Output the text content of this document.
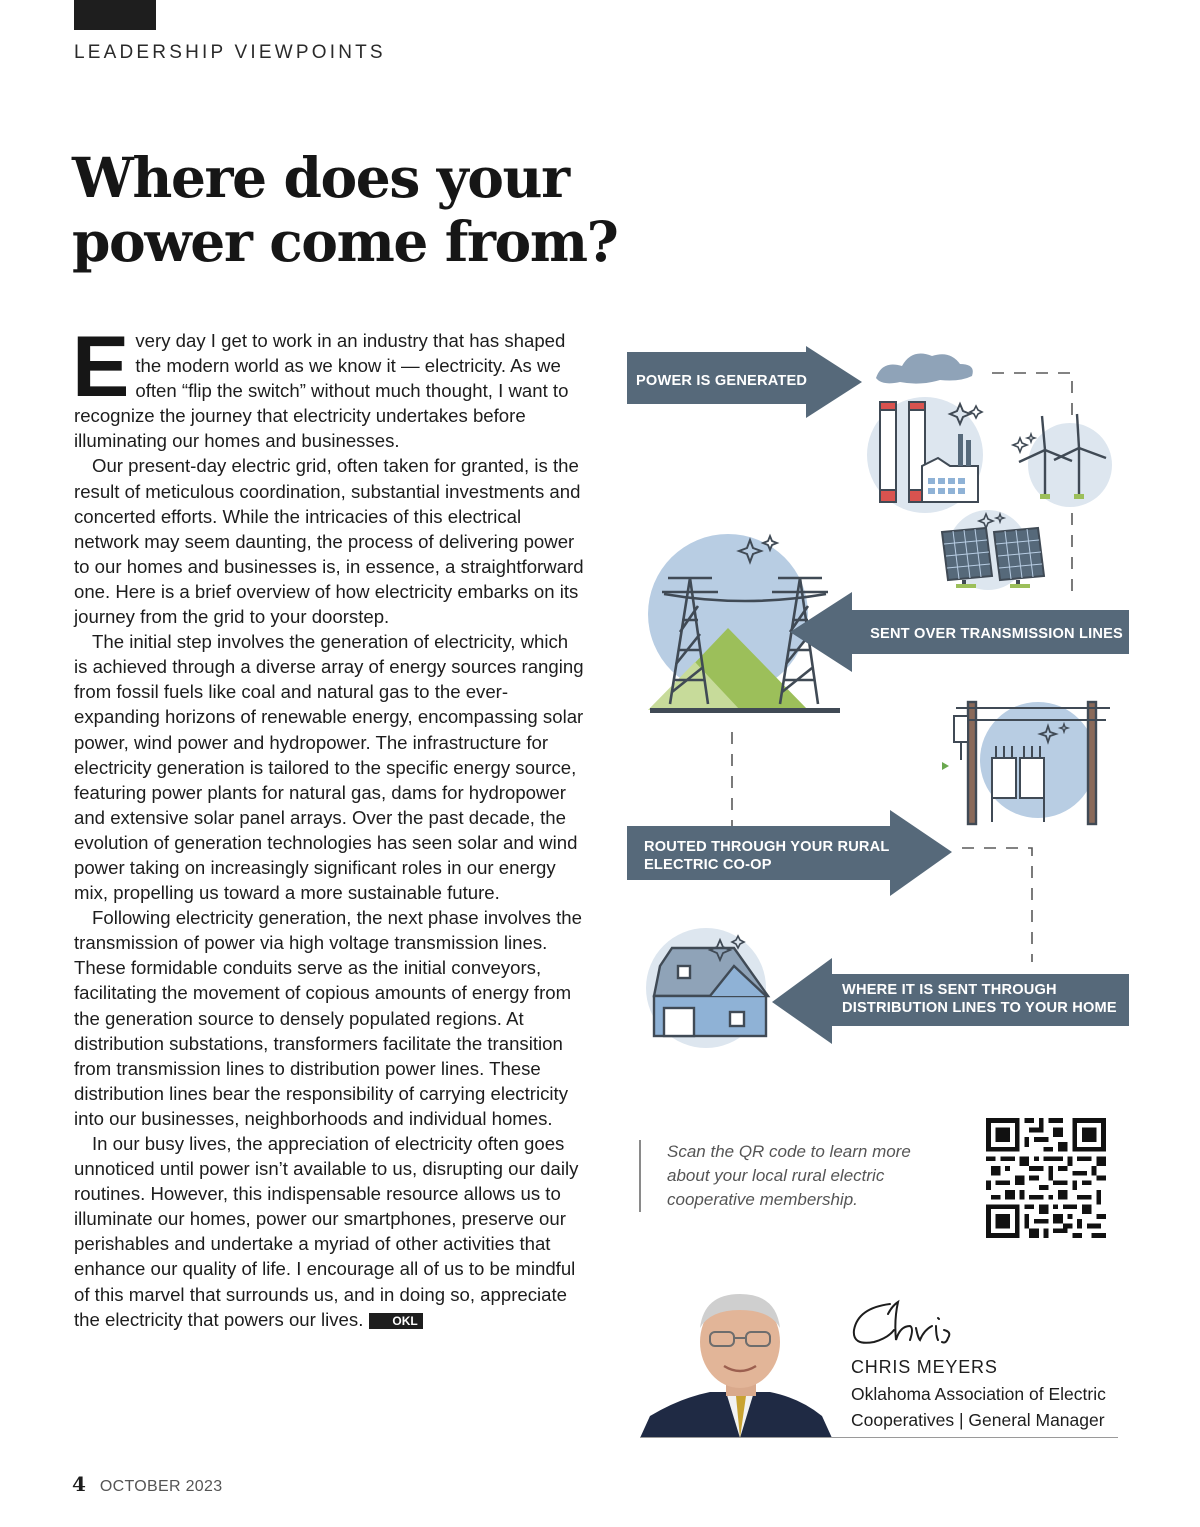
LEADERSHIP VIEWPOINTS
Where does your
power come from?

E very day I get to work in an industry that has shaped the modern world as we know it — electricity. As we often “flip the switch” without much thought, I want to recognize the journey that electricity undertakes before illuminating our homes and businesses.

Our present-day electric grid, often taken for granted, is the result of meticulous coordination, substantial investments and concerted efforts. While the intricacies of this electrical network may seem daunting, the process of delivering power to our homes and businesses is, in essence, a straightforward one. Here is a brief overview of how electricity embarks on its journey from the grid to your doorstep.

The initial step involves the generation of electricity, which is achieved through a diverse array of energy sources ranging from fossil fuels like coal and natural gas to the ever-expanding horizons of renewable energy, encompassing solar power, wind power and hydropower. The infrastructure for electricity generation is tailored to the specific energy source, featuring power plants for natural gas, dams for hydropower and extensive solar panel arrays. Over the past decade, the evolution of generation technologies has seen solar and wind power taking on increasingly significant roles in our energy mix, propelling us toward a more sustainable future.

Following electricity generation, the next phase involves the transmission of power via high voltage transmission lines. These formidable conduits serve as the initial conveyors, facilitating the movement of copious amounts of energy from the generation source to densely populated regions. At distribution substations, transformers facilitate the transition from transmission lines to distribution power lines. These distribution lines bear the responsibility of carrying electricity into our businesses, neighborhoods and individual homes.

In our busy lives, the appreciation of electricity often goes unnoticed until power isn’t available to us, disrupting our daily routines. However, this indispensable resource allows us to illuminate our homes, power our smartphones, preserve our perishables and undertake a myriad of other activities that enhance our quality of life. I encourage all of us to be mindful of this marvel that surrounds us, and in doing so, appreciate the electricity that powers our lives. OKL

4 OCTOBER 2023
POWER IS GENERATED
SENT OVER TRANSMISSION LINES
ROUTED THROUGH YOUR RURAL
ELECTRIC CO-OP
WHERE IT IS SENT THROUGH
DISTRIBUTION LINES TO YOUR HOME
Scan the QR code to learn more about your local rural electric cooperative membership.
CHRIS MEYERS
Oklahoma Association of Electric Cooperatives | General Manager
